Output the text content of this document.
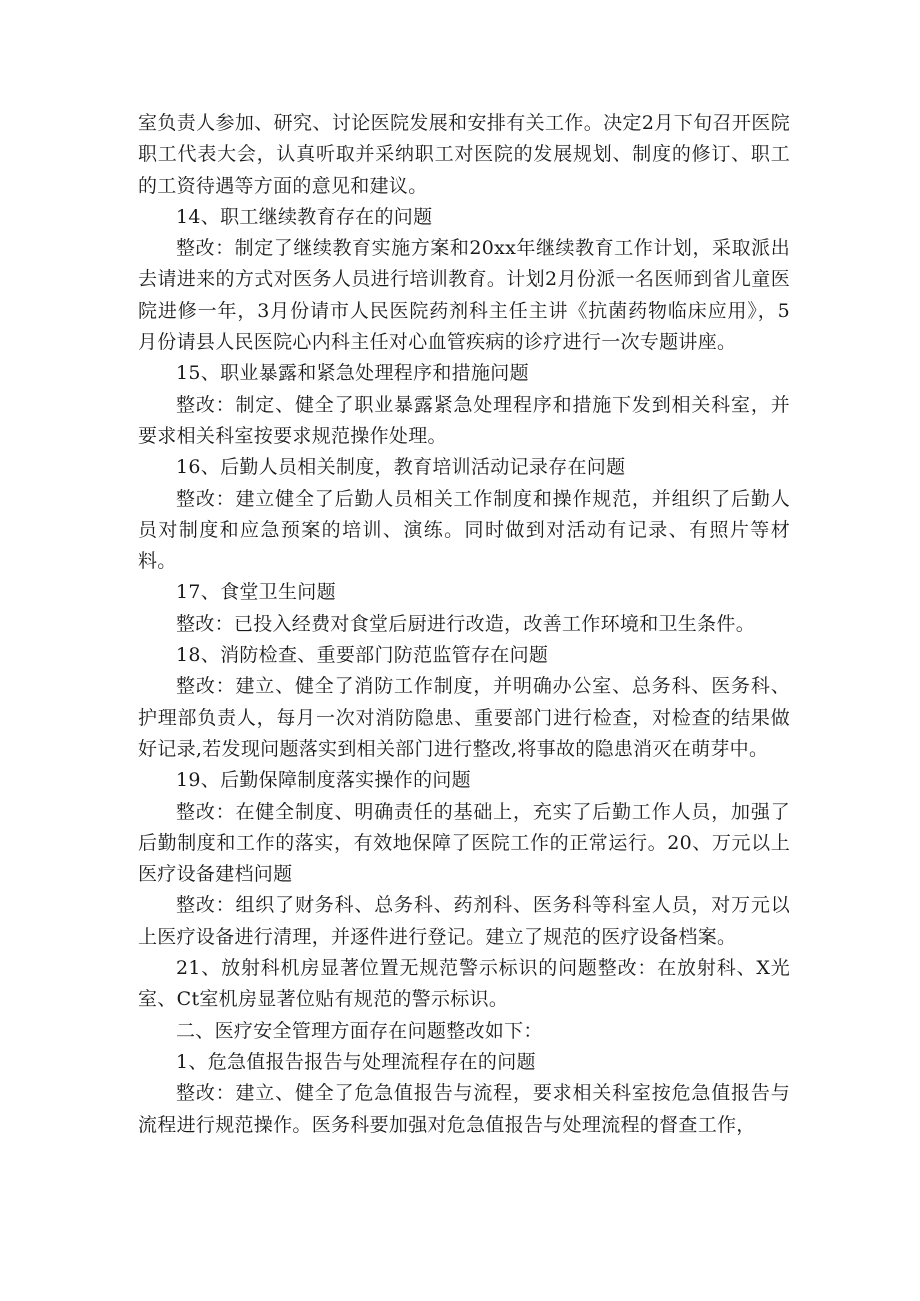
室负责人参加、研究、讨论医院发展和安排有关工作。决定2月下旬召开医院职工代表大会，认真听取并采纳职工对医院的发展规划、制度的修订、职工的工资待遇等方面的意见和建议。

14、职工继续教育存在的问题

整改：制定了继续教育实施方案和20xx年继续教育工作计划，采取派出去请进来的方式对医务人员进行培训教育。计划2月份派一名医师到省儿童医院进修一年，3月份请市人民医院药剂科主任主讲《抗菌药物临床应用》，5月份请县人民医院心内科主任对心血管疾病的诊疗进行一次专题讲座。

15、职业暴露和紧急处理程序和措施问题

整改：制定、健全了职业暴露紧急处理程序和措施下发到相关科室，并要求相关科室按要求规范操作处理。

16、后勤人员相关制度，教育培训活动记录存在问题

整改：建立健全了后勤人员相关工作制度和操作规范，并组织了后勤人员对制度和应急预案的培训、演练。同时做到对活动有记录、有照片等材料。

17、食堂卫生问题

整改：已投入经费对食堂后厨进行改造，改善工作环境和卫生条件。

18、消防检查、重要部门防范监管存在问题

整改：建立、健全了消防工作制度，并明确办公室、总务科、医务科、护理部负责人，每月一次对消防隐患、重要部门进行检查，对检查的结果做好记录,若发现问题落实到相关部门进行整改,将事故的隐患消灭在萌芽中。

19、后勤保障制度落实操作的问题

整改：在健全制度、明确责任的基础上，充实了后勤工作人员，加强了后勤制度和工作的落实，有效地保障了医院工作的正常运行。20、万元以上医疗设备建档问题

整改：组织了财务科、总务科、药剂科、医务科等科室人员，对万元以上医疗设备进行清理，并逐件进行登记。建立了规范的医疗设备档案。

21、放射科机房显著位置无规范警示标识的问题整改：在放射科、X光室、Ct室机房显著位贴有规范的警示标识。

二、医疗安全管理方面存在问题整改如下：

1、危急值报告报告与处理流程存在的问题

整改：建立、健全了危急值报告与流程，要求相关科室按危急值报告与流程进行规范操作。医务科要加强对危急值报告与处理流程的督查工作，
